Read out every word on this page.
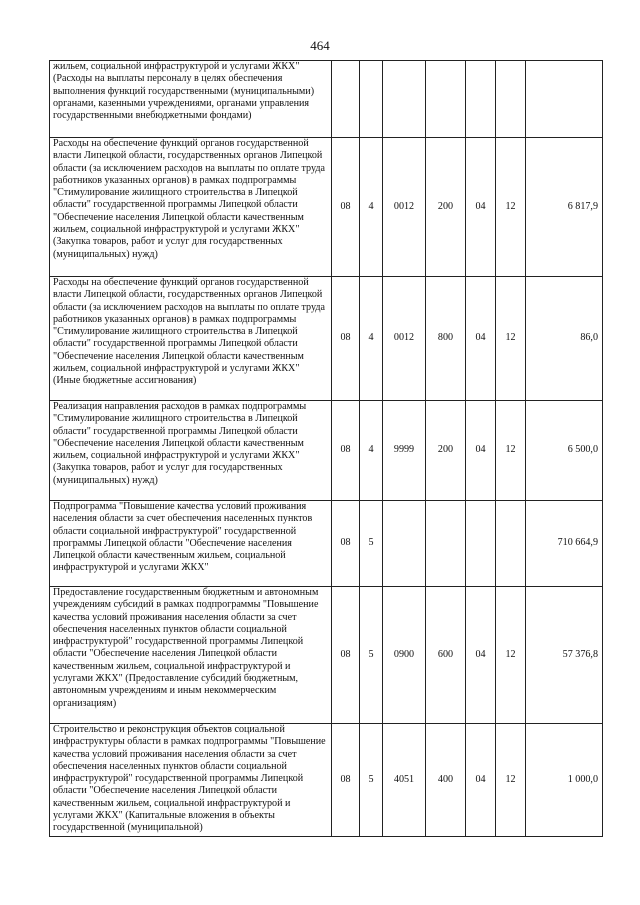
464
жильем, социальной инфраструктурой и услугами ЖКХ" (Расходы на выплаты персоналу в целях обеспечения выполнения функций государственными (муниципальными) органами, казенными учреждениями, органами управления государственными внебюджетными фондами)							
Расходы на обеспечение функций органов государственной власти Липецкой области, государственных органов Липецкой области (за исключением расходов на выплаты по оплате труда работников указанных органов) в рамках подпрограммы "Стимулирование жилищного строительства в Липецкой области" государственной программы Липецкой области "Обеспечение населения Липецкой области качественным жильем, социальной инфраструктурой и услугами ЖКХ" (Закупка товаров, работ и услуг для государственных (муниципальных) нужд)	08	4	0012	200	04	12	6 817,9
Расходы на обеспечение функций органов государственной власти Липецкой области, государственных органов Липецкой области (за исключением расходов на выплаты по оплате труда работников указанных органов) в рамках подпрограммы "Стимулирование жилищного строительства в Липецкой области" государственной программы Липецкой области "Обеспечение населения Липецкой области качественным жильем, социальной инфраструктурой и услугами ЖКХ" (Иные бюджетные ассигнования)	08	4	0012	800	04	12	86,0
Реализация направления расходов в рамках подпрограммы "Стимулирование жилищного строительства в Липецкой области" государственной программы Липецкой области "Обеспечение населения Липецкой области качественным жильем, социальной инфраструктурой и услугами ЖКХ" (Закупка товаров, работ и услуг для государственных (муниципальных) нужд)	08	4	9999	200	04	12	6 500,0
Подпрограмма "Повышение качества условий проживания населения области за счет обеспечения населенных пунктов области социальной инфраструктурой" государственной программы Липецкой области "Обеспечение населения Липецкой области качественным жильем, социальной инфраструктурой и услугами ЖКХ"	08	5					710 664,9
Предоставление государственным бюджетным и автономным учреждениям субсидий в рамках подпрограммы "Повышение качества условий проживания населения области за счет обеспечения населенных пунктов области социальной инфраструктурой" государственной программы Липецкой области "Обеспечение населения Липецкой области качественным жильем, социальной инфраструктурой и услугами ЖКХ" (Предоставление субсидий бюджетным, автономным учреждениям и иным некоммерческим организациям)	08	5	0900	600	04	12	57 376,8
Строительство и реконструкция объектов социальной инфраструктуры области в рамках подпрограммы "Повышение качества условий проживания населения области за счет обеспечения населенных пунктов области социальной инфраструктурой" государственной программы Липецкой области "Обеспечение населения Липецкой области качественным жильем, социальной инфраструктурой и услугами ЖКХ" (Капитальные вложения в объекты государственной (муниципальной)	08	5	4051	400	04	12	1 000,0
